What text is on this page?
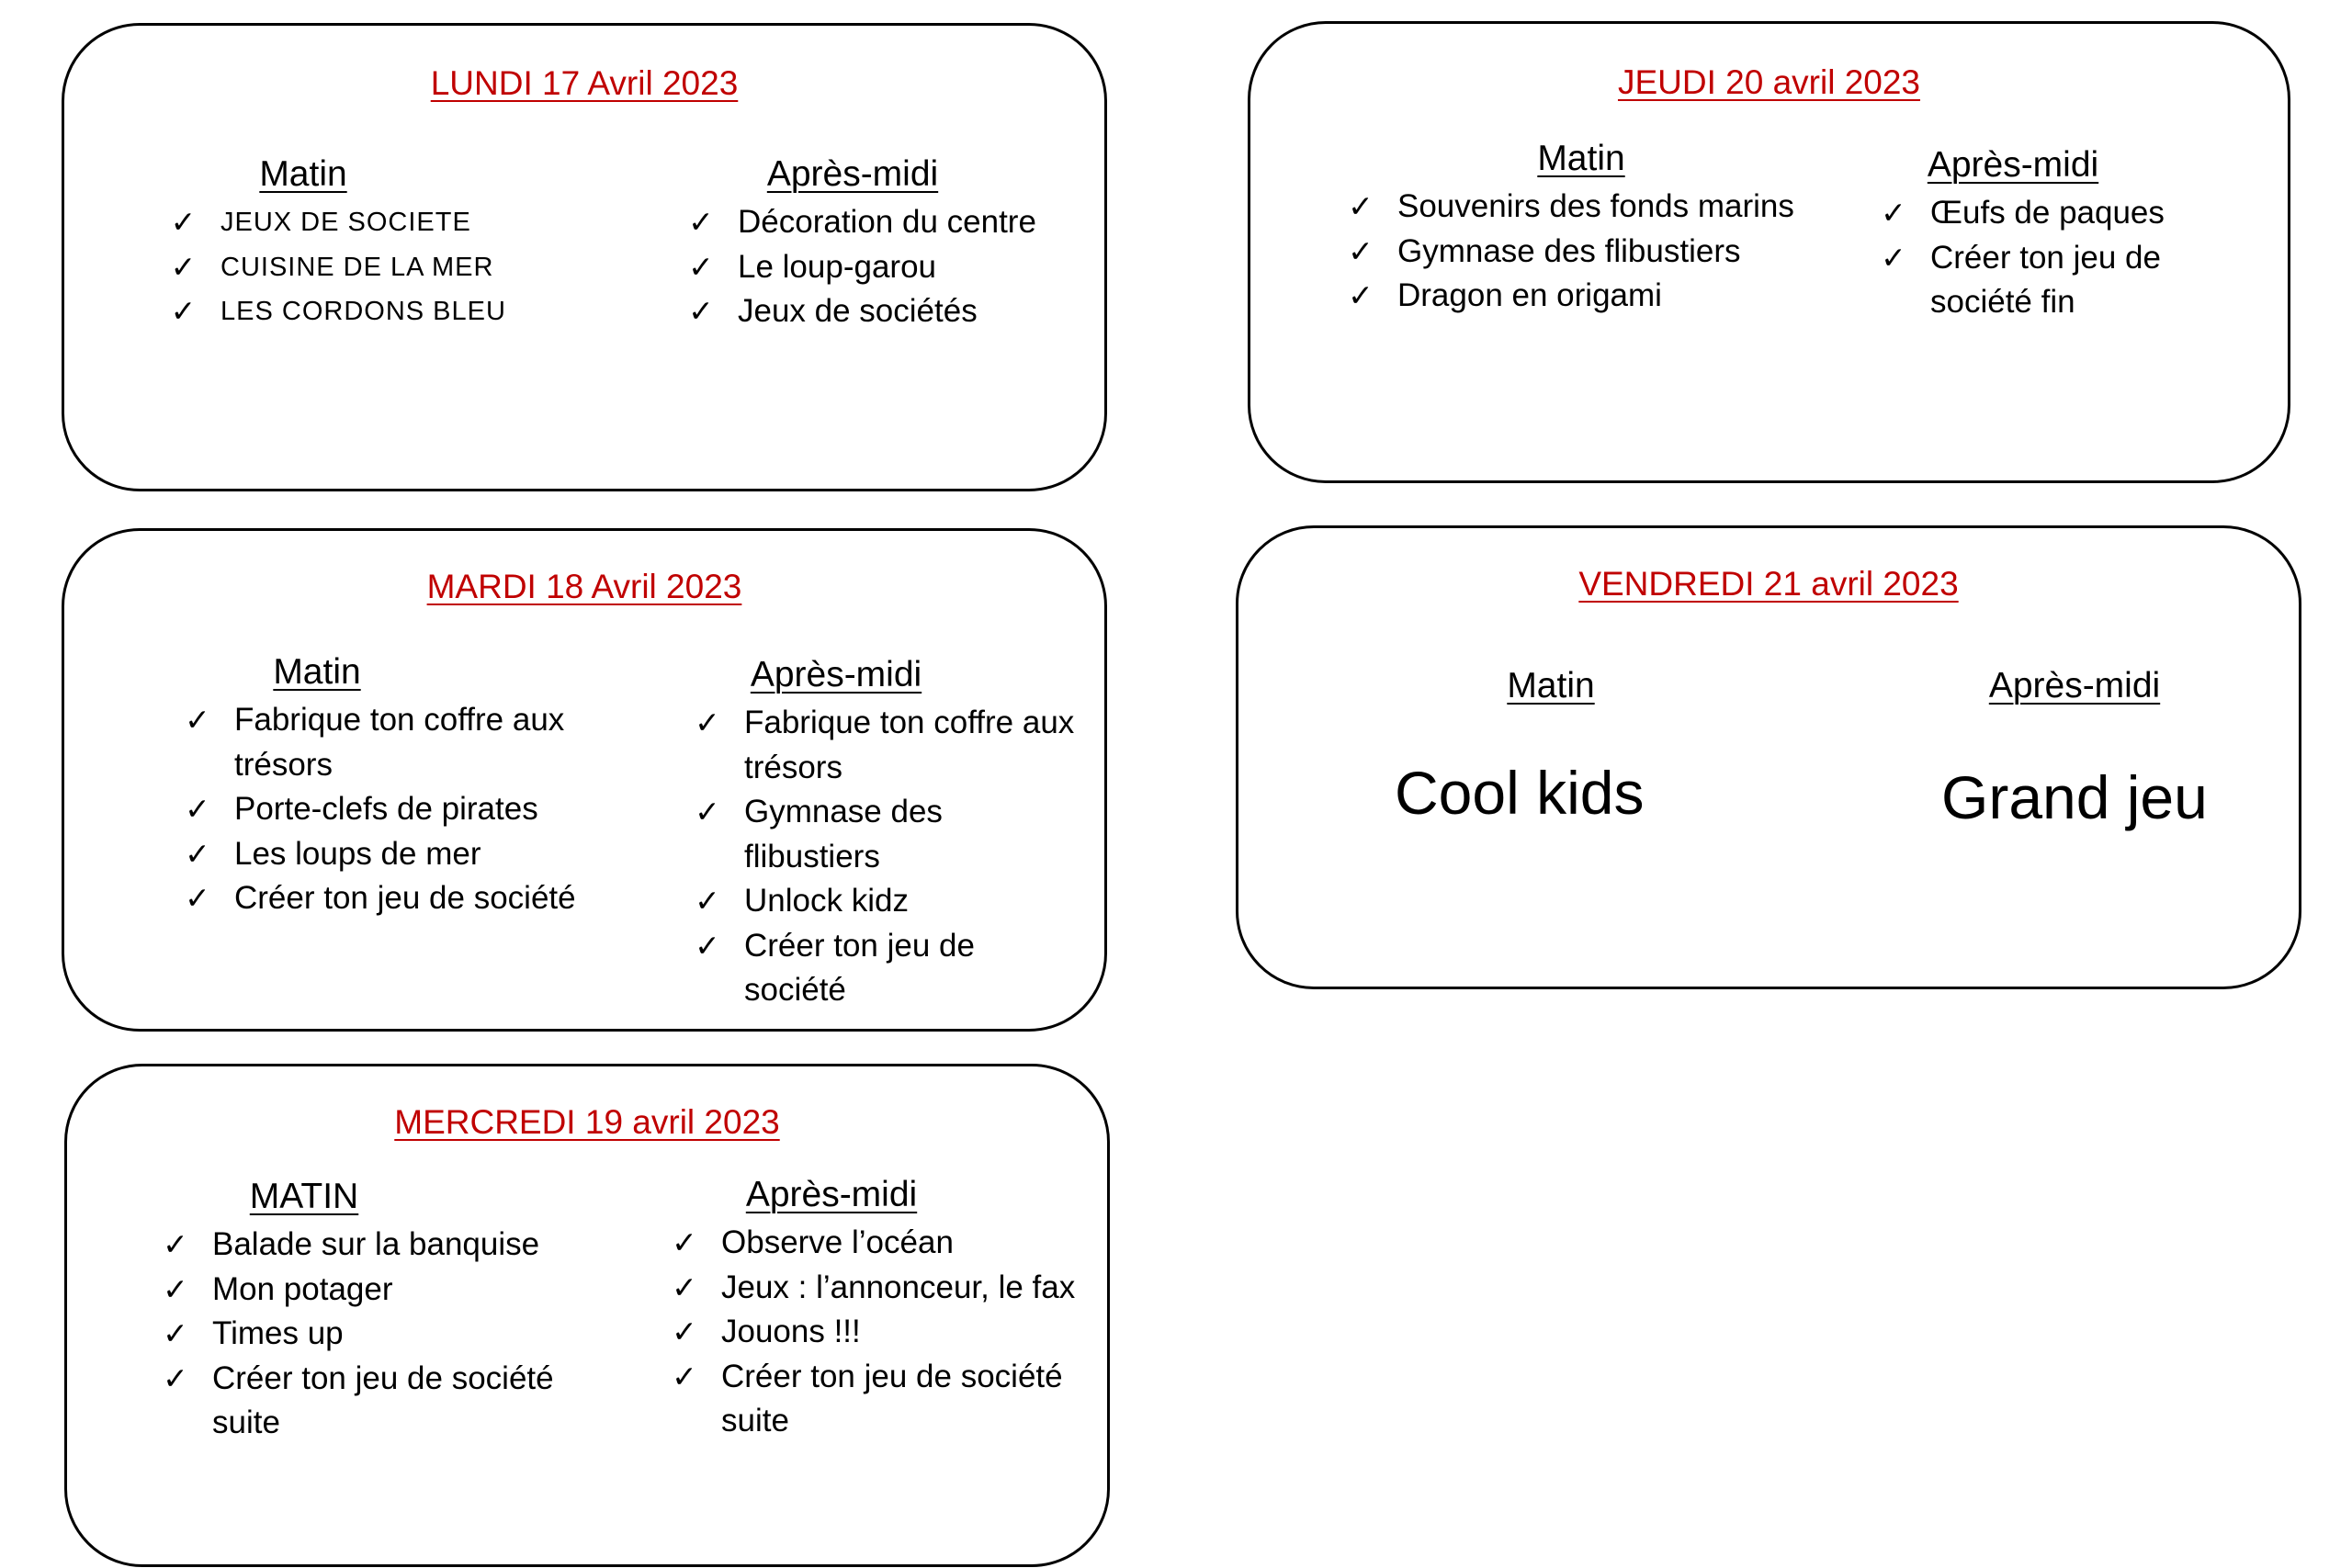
LUNDI 17 Avril 2023
Matin
✓ JEUX DE SOCIETE
✓ CUISINE DE LA MER
✓ LES CORDONS BLEU
Après-midi
✓ Décoration du centre
✓ Le loup-garou
✓ Jeux de sociétés
MARDI 18 Avril 2023
Matin
✓ Fabrique ton coffre aux trésors
✓ Porte-clefs de pirates
✓ Les loups de mer
✓ Créer ton jeu de société
Après-midi
✓ Fabrique ton coffre aux trésors
✓ Gymnase des flibustiers
✓ Unlock kidz
✓ Créer ton jeu de société
MERCREDI 19 avril 2023
MATIN
✓ Balade sur la banquise
✓ Mon potager
✓ Times up
✓ Créer ton jeu de société suite
Après-midi
✓ Observe l’océan
✓ Jeux : l’annonceur, le fax
✓ Jouons !!!
✓ Créer ton jeu de société suite
JEUDI 20 avril 2023
Matin
✓ Souvenirs des fonds marins
✓ Gymnase des flibustiers
✓ Dragon en origami
Après-midi
✓ Œufs de paques
✓ Créer ton jeu de société fin
VENDREDI 21 avril 2023
Matin	Après-midi
Cool kids	Grand jeu
